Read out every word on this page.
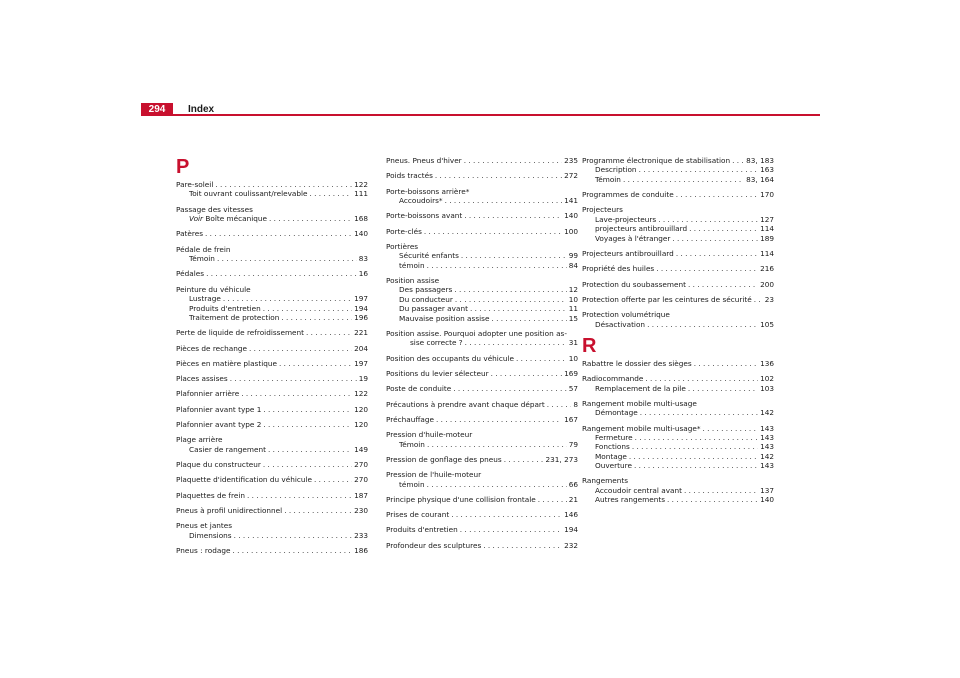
294	Index
P
Pare-soleil . . .	122
Toit ouvrant coulissant/relevable . . .	111
Passage des vitesses
Voir Boîte mécanique . . .	168
Patères . . .	140
Pédale de frein
Témoin . . .	83
Pédales . . .	16
Peinture du véhicule
Lustrage . . .	197
Produits d'entretien . . .	194
Traitement de protection . . .	196
Perte de liquide de refroidissement . . .	221
Pièces de rechange . . .	204
Pièces en matière plastique . . .	197
Places assises . . .	19
Plafonnier arrière . . .	122
Plafonnier avant type 1 . . .	120
Plafonnier avant type 2 . . .	120
Plage arrière
Casier de rangement . . .	149
Plaque du constructeur . . .	270
Plaquette d'identification du véhicule . . .	270
Plaquettes de frein . . .	187
Pneus à profil unidirectionnel . . .	230
Pneus et jantes
Dimensions . . .	233
Pneus : rodage . . .	186
Pneus. Pneus d'hiver . . .	235
Poids tractés . . .	272
Porte-boissons arrière*
Accoudoirs* . . .	141
Porte-boissons avant . . .	140
Porte-clés . . .	100
Portières
Sécurité enfants . . .	99
témoin . . .	84
Position assise
Des passagers . . .	12
Du conducteur . . .	10
Du passager avant . . .	11
Mauvaise position assise . . .	15
Position assise. Pourquoi adopter une position as-
sise correcte ? . . .	31
Position des occupants du véhicule . . .	10
Positions du levier sélecteur . . .	169
Poste de conduite . . .	57
Précautions à prendre avant chaque départ . . .	8
Préchauffage . . .	167
Pression d'huile-moteur
Témoin . . .	79
Pression de gonflage des pneus . . .	231, 273
Pression de l'huile-moteur
témoin . . .	66
Principe physique d'une collision frontale . . .	21
Prises de courant . . .	146
Produits d'entretien . . .	194
Profondeur des sculptures . . .	232
Programme électronique de stabilisation . . . 83, 183
Description . . .	163
Témoin . . .	83, 164
Programmes de conduite . . .	170
Projecteurs
Lave-projecteurs . . .	127
projecteurs antibrouillard . . .	114
Voyages à l'étranger . . .	189
Projecteurs antibrouillard . . .	114
Propriété des huiles . . .	216
Protection du soubassement . . .	200
Protection offerte par les ceintures de sécurité . . . 23
Protection volumétrique
Désactivation . . .	105
R
Rabattre le dossier des sièges . . .	136
Radiocommande . . .	102
Remplacement de la pile . . .	103
Rangement mobile multi-usage
Démontage . . .	142
Rangement mobile multi-usage* . . .	143
Fermeture . . .	143
Fonctions . . .	143
Montage . . .	142
Ouverture . . .	143
Rangements
Accoudoir central avant . . .	137
Autres rangements . . .	140
